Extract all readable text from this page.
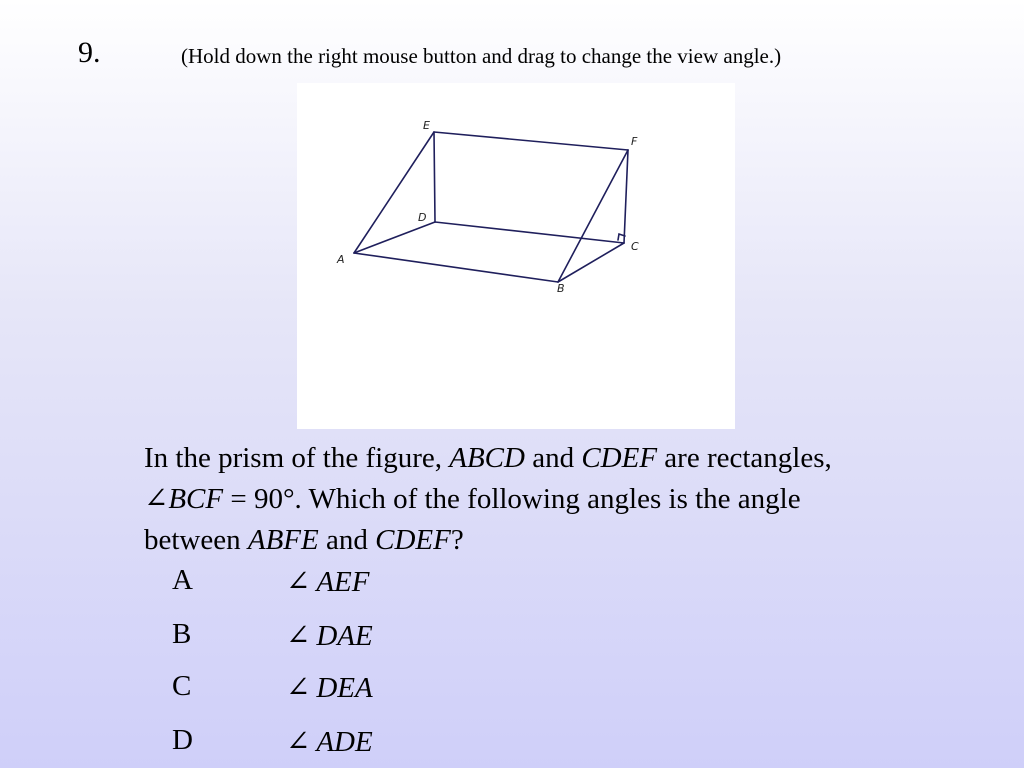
9.	(Hold down the right mouse button and drag to change the view angle.)
E
F
D
C
A
B
In the prism of the figure, ABCD and CDEF are rectangles,
∠BCF = 90°. Which of the following angles is the angle
between ABFE and CDEF?
A	∠ AEF
B	∠ DAE
C	∠ DEA
D	∠ ADE
